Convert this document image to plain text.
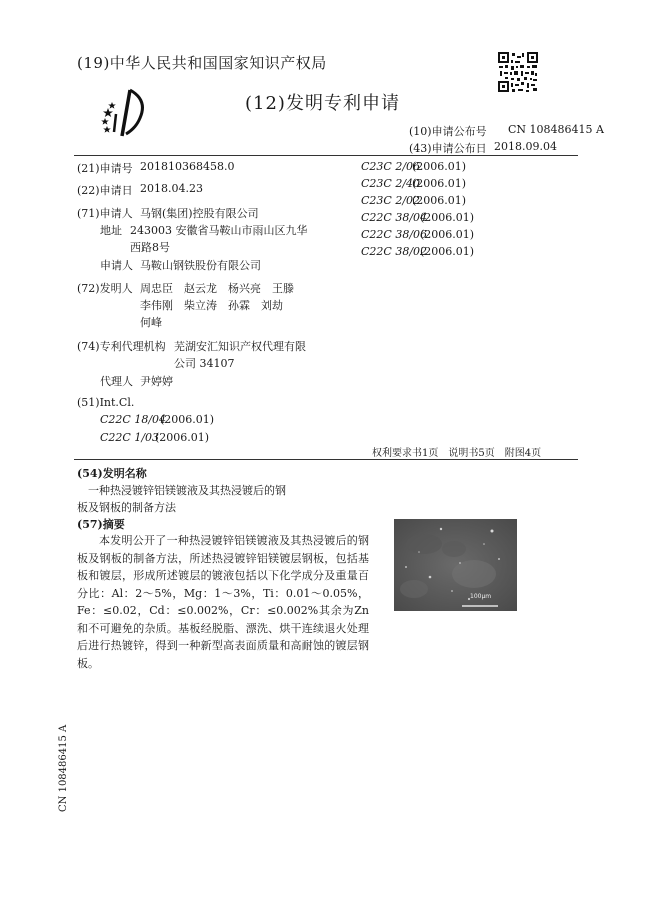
(19)中华人民共和国国家知识产权局
(12)发明专利申请
(10)申请公布号 CN 108486415 A
(43)申请公布日 2018.09.04
(21)申请号 201810368458.0
(22)申请日 2018.04.23
(71)申请人 马钢(集团)控股有限公司
地址 243003 安徽省马鞍山市雨山区九华
西路8号
申请人 马鞍山钢铁股份有限公司
(72)发明人 周忠臣　赵云龙　杨兴亮　王滕
李伟刚　柴立涛　孙霖　刘劫
何峰
(74)专利代理机构 芜湖安汇知识产权代理有限
公司 34107
代理人 尹婷婷
(51)Int.Cl.
C22C 18/04
(2006.01)
C22C 1/03
(2006.01)
C23C 2/06
(2006.01)
C23C 2/40
(2006.01)
C23C 2/02
(2006.01)
C22C 38/04
(2006.01)
C22C 38/06
(2006.01)
C22C 38/02
(2006.01)
权利要求书1页　说明书5页　附图4页
(54)发明名称
一种热浸镀锌铝镁镀液及其热浸镀后的钢
板及钢板的制备方法
(57)摘要
本发明公开了一种热浸镀锌铝镁镀液及其热浸镀后的钢板及钢板的制备方法，所述热浸镀锌铝镁镀层钢板，包括基板和镀层，形成所述镀层的镀液包括以下化学成分及重量百分比：Al：2～5%，Mg：1～3%，Ti：0.01～0.05%，Fe：≤0.02，Cd：≤0.002%，Cr：≤0.002%其余为Zn和不可避免的杂质。基板经脱脂、漂洗、烘干连续退火处理后进行热镀锌，得到一种新型高表面质量和高耐蚀的镀层钢板。
100μm
CN 108486415 A
